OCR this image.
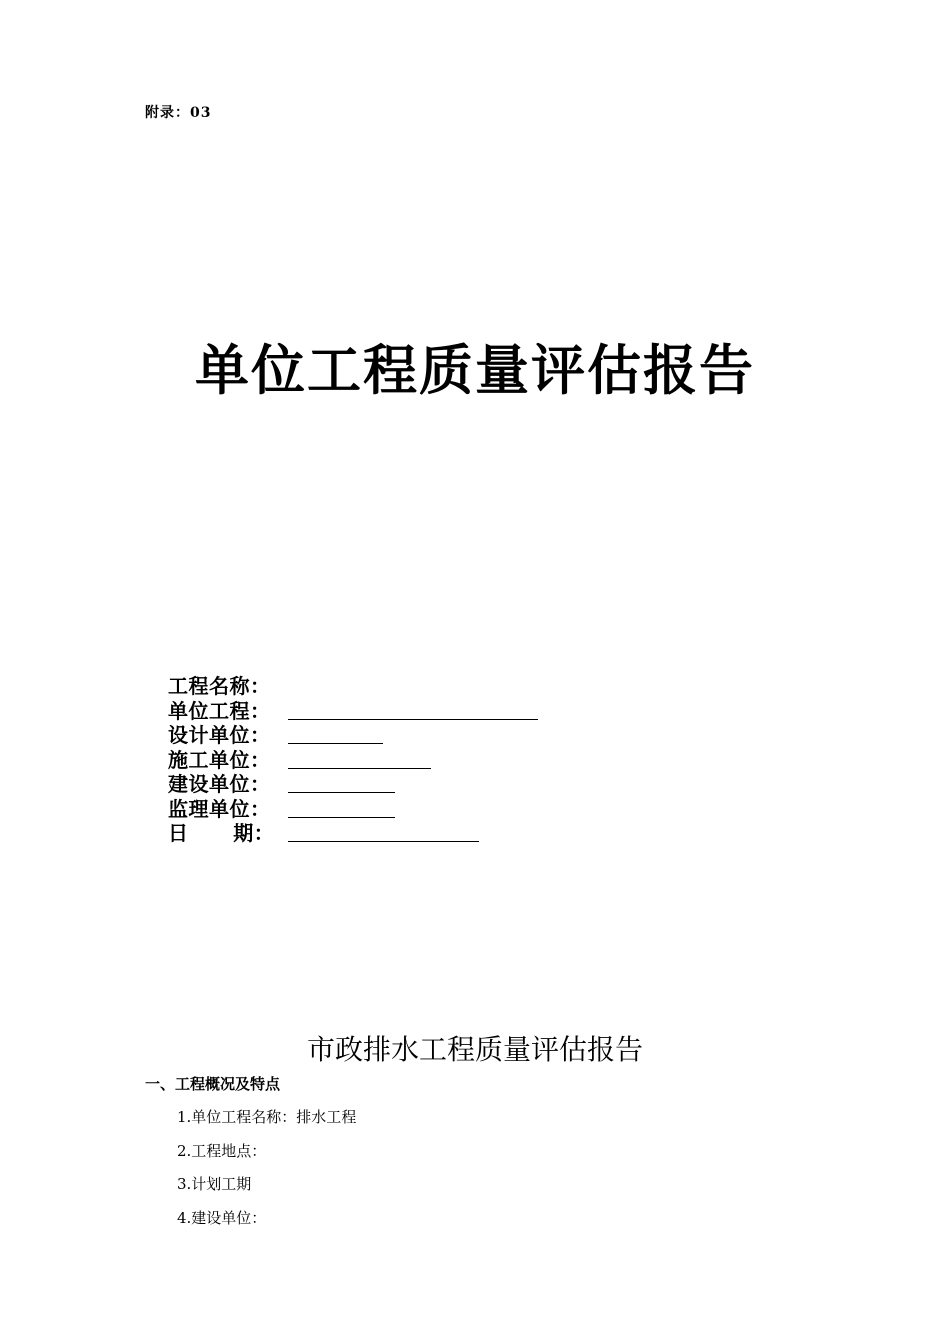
附录：03
单位工程质量评估报告
工程名称：
单位工程：
设计单位：
施工单位：
建设单位：
监理单位：
日      期：
市政排水工程质量评估报告
一、工程概况及特点
1.单位工程名称：排水工程
2.工程地点：
3.计划工期
4.建设单位：
